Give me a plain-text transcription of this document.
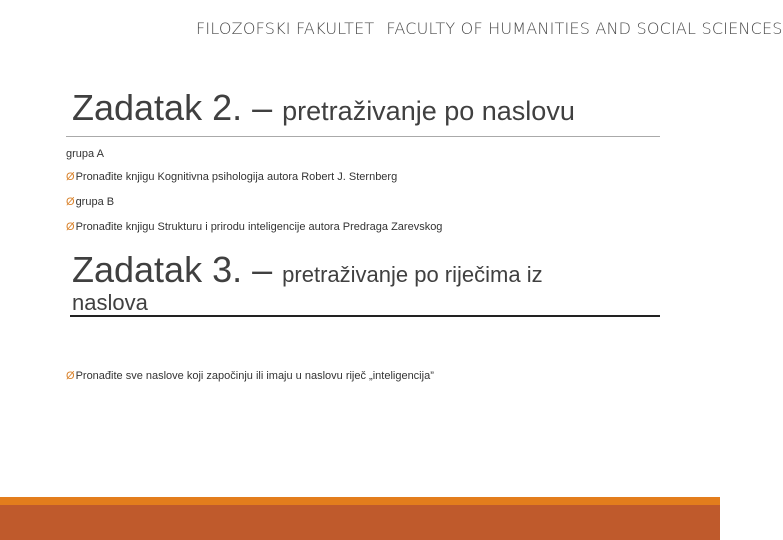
FILOZOFSKI FAKULTET FACULTY OF HUMANITIES AND SOCIAL SCIENCES
Zadatak 2. – pretraživanje po naslovu
grupa A
ØPronađite knjigu Kognitivna psihologija autora Robert J. Sternberg
Øgrupa B
ØPronađite knjigu Strukturu i prirodu inteligencije autora Predraga Zarevskog
Zadatak 3. – pretraživanje po riječima iz
naslova
ØPronađite sve naslove koji započinju ili imaju u naslovu riječ „inteligencija”
